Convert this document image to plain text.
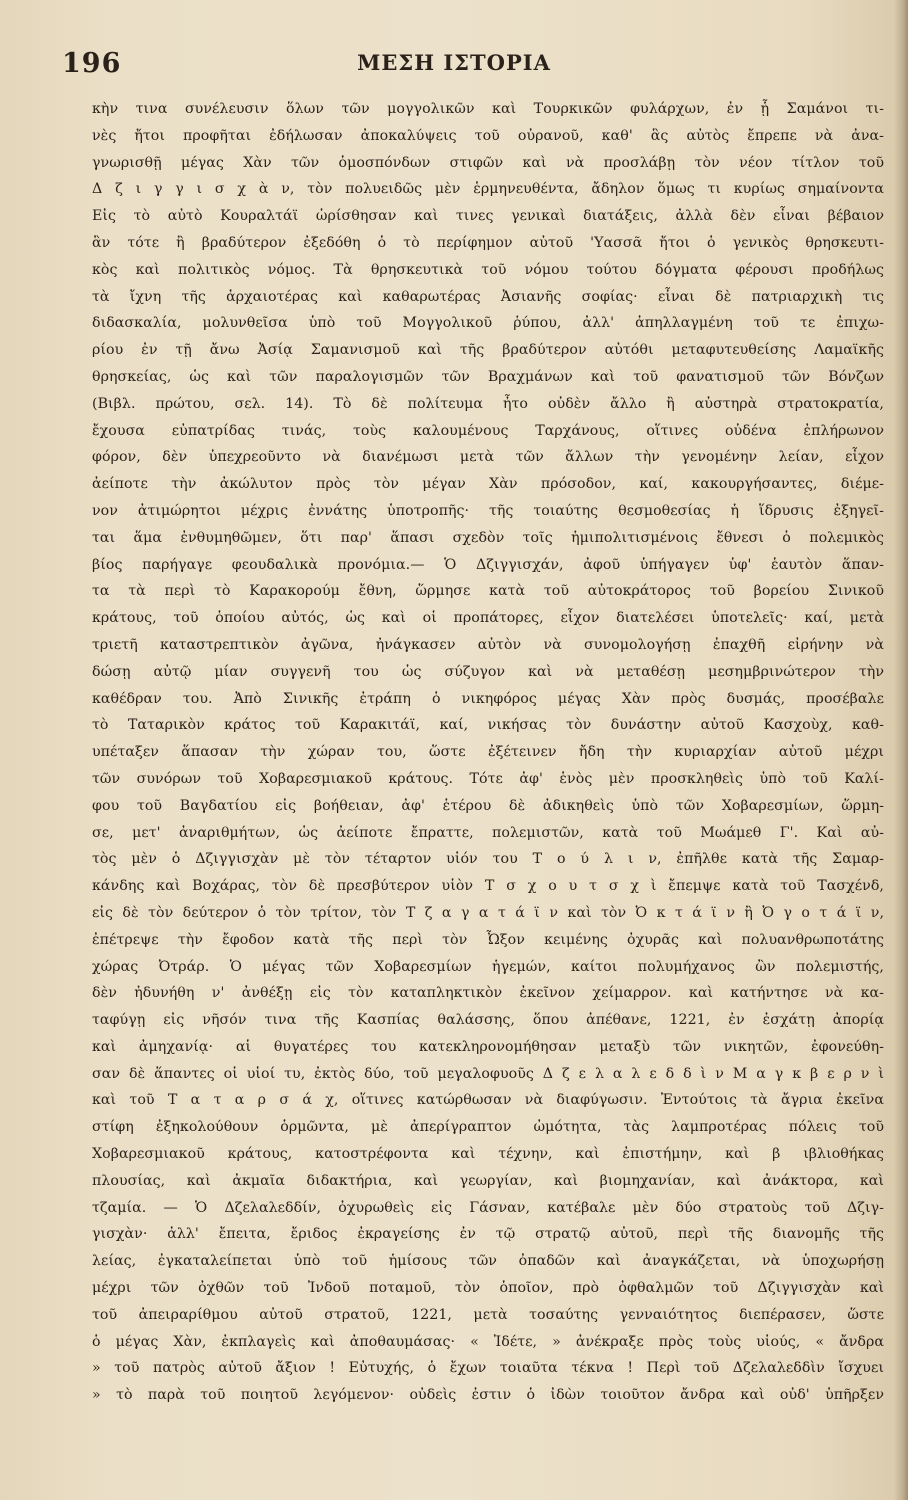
196	ΜΕΣΗ ΙΣΤΟΡΙΑ
κὴν τινα συνέλευσιν ὅλων τῶν μογγολικῶν καὶ Τουρκικῶν φυλάρχων, ἐν ᾗ Σαμάνοι τι-
νὲς ἤτοι προφῆται ἐδήλωσαν ἀποκαλύψεις τοῦ οὐρανοῦ, καθ' ἃς αὐτὸς ἔπρεπε νὰ ἀνα-
γνωρισθῇ μέγας Χὰν τῶν ὁμοσπόνδων στιφῶν καὶ νὰ προσλάβῃ τὸν νέον τίτλον τοῦ
Δ ζ ι γ γ ι σ χ ὰ ν, τὸν πολυειδῶς μὲν ἑρμηνευθέντα, ἄδηλον ὅμως τι κυρίως σημαίνοντα
Εἰς τὸ αὐτὸ Κουραλτάϊ ὡρίσθησαν καὶ τινες γενικαὶ διατάξεις, ἀλλὰ δὲν εἶναι βέβαιον
ἂν τότε ἢ βραδύτερον ἐξεδόθη ὁ τὸ περίφημον αὐτοῦ 'Υασσᾶ ἤτοι ὁ γενικὸς θρησκευτι-
κὸς καὶ πολιτικὸς νόμος. Τὰ θρησκευτικὰ τοῦ νόμου τούτου δόγματα φέρουσι προδήλως
τὰ ἴχνη τῆς ἀρχαιοτέρας καὶ καθαρωτέρας Ἀσιανῆς σοφίας· εἶναι δὲ πατριαρχικὴ τις
διδασκαλία, μολυνθεῖσα ὑπὸ τοῦ Μογγολικοῦ ῥύπου, ἀλλ' ἀπηλλαγμένη τοῦ τε ἐπιχω-
ρίου ἐν τῇ ἄνω Ἀσίᾳ Σαμανισμοῦ καὶ τῆς βραδύτερον αὐτόθι μεταφυτευθείσης Λαμαϊκῆς
θρησκείας, ὡς καὶ τῶν παραλογισμῶν τῶν Βραχμάνων καὶ τοῦ φανατισμοῦ τῶν Βόνζων
(Βιβλ. πρώτου, σελ. 14). Τὸ δὲ πολίτευμα ἦτο οὐδὲν ἄλλο ἢ αὐστηρὰ στρατοκρατία,
ἔχουσα εὐπατρίδας τινάς, τοὺς καλουμένους Ταρχάνους, οἵτινες οὐδένα ἐπλήρωνον
φόρον, δὲν ὑπεχρεοῦντο νὰ διανέμωσι μετὰ τῶν ἄλλων τὴν γενομένην λείαν, εἶχον
ἀείποτε τὴν ἀκώλυτον πρὸς τὸν μέγαν Χὰν πρόσοδον, καί, κακουργήσαντες, διέμε-
νον ἀτιμώρητοι μέχρις ἐννάτης ὑποτροπῆς· τῆς τοιαύτης θεσμοθεσίας ἡ ἵδρυσις ἐξηγεῖ-
ται ἅμα ἐνθυμηθῶμεν, ὅτι παρ' ἅπασι σχεδὸν τοῖς ἡμιπολιτισμένοις ἔθνεσι ὁ πολεμικὸς
βίος παρήγαγε φεουδαλικὰ προνόμια.— Ὁ Δζιγγισχάν, ἀφοῦ ὑπήγαγεν ὑφ' ἑαυτὸν ἅπαν-
τα τὰ περὶ τὸ Καρακορούμ ἔθνη, ὥρμησε κατὰ τοῦ αὐτοκράτορος τοῦ βορείου Σινικοῦ
κράτους, τοῦ ὁποίου αὐτός, ὡς καὶ οἱ προπάτορες, εἶχον διατελέσει ὑποτελεῖς· καί, μετὰ
τριετῆ καταστρεπτικὸν ἀγῶνα, ἠνάγκασεν αὐτὸν νὰ συνομολογήσῃ ἐπαχθῆ εἰρήνην νὰ
δώσῃ αὐτῷ μίαν συγγενῆ του ὡς σύζυγον καὶ νὰ μεταθέσῃ μεσημβρινώτερον τὴν
καθέδραν του. Ἀπὸ Σινικῆς ἐτράπη ὁ νικηφόρος μέγας Χὰν πρὸς δυσμάς, προσέβαλε
τὸ Ταταρικὸν κράτος τοῦ Καρακιτάϊ, καί, νικήσας τὸν δυνάστην αὐτοῦ Κασχοὺχ, καθ-
υπέταξεν ἅπασαν τὴν χώραν του, ὥστε ἐξέτεινεν ἤδη τὴν κυριαρχίαν αὐτοῦ μέχρι
τῶν συνόρων τοῦ Χοβαρεσμιακοῦ κράτους. Τότε ἀφ' ἑνὸς μὲν προσκληθεὶς ὑπὸ τοῦ Καλί-
φου τοῦ Βαγδατίου εἰς βοήθειαν, ἀφ' ἑτέρου δὲ ἀδικηθεὶς ὑπὸ τῶν Χοβαρεσμίων, ὥρμη-
σε, μετ' ἀναριθμήτων, ὡς ἀείποτε ἔπραττε, πολεμιστῶν, κατὰ τοῦ Μωάμεθ Γ'. Καὶ αὐ-
τὸς μὲν ὁ Δζιγγισχὰν μὲ τὸν τέταρτον υἱόν του Τ ο ύ λ ι ν, ἐπῆλθε κατὰ τῆς Σαμαρ-
κάνδης καὶ Βοχάρας, τὸν δὲ πρεσβύτερον υἱὸν Τ σ χ ο υ τ σ χ ὶ ἔπεμψε κατὰ τοῦ Τασχένδ,
εἰς δὲ τὸν δεύτερον ὁ τὸν τρίτον, τὸν Τ ζ α γ α τ ά ϊ ν καὶ τὸν Ὀ κ τ ά ϊ ν ἢ Ὀ γ ο τ ά ϊ ν,
ἐπέτρεψε τὴν ἔφοδον κατὰ τῆς περὶ τὸν Ὦξον κειμένης ὀχυρᾶς καὶ πολυανθρωποτάτης
χώρας Ὀτράρ. Ὁ μέγας τῶν Χοβαρεσμίων ἡγεμών, καίτοι πολυμήχανος ὢν πολεμιστής,
δὲν ἠδυνήθη ν' ἀνθέξῃ εἰς τὸν καταπληκτικὸν ἐκεῖνον χείμαρρον. καὶ κατήντησε νὰ κα-
ταφύγῃ εἰς νῆσόν τινα τῆς Κασπίας θαλάσσης, ὅπου ἀπέθανε, 1221, ἐν ἐσχάτῃ ἀπορίᾳ
καὶ ἀμηχανίᾳ· αἱ θυγατέρες του κατεκληρονομήθησαν μεταξὺ τῶν νικητῶν, ἐφονεύθη-
σαν δὲ ἅπαντες οἱ υἱοί τυ, ἐκτὸς δύο, τοῦ μεγαλοφυοῦς Δ ζ ε λ α λ ε δ δ ὶ ν Μ α γ κ β ε ρ ν ὶ
καὶ τοῦ Τ α τ α ρ σ ά χ, οἵτινες κατώρθωσαν νὰ διαφύγωσιν. Ἐντούτοις τὰ ἄγρια ἐκεῖνα
στίφη ἐξηκολούθουν ὁρμῶντα, μὲ ἀπερίγραπτον ὠμότητα, τὰς λαμπροτέρας πόλεις τοῦ
Χοβαρεσμιακοῦ κράτους, κατοστρέφοντα καὶ τέχνην, καὶ ἐπιστήμην, καὶ β ιβλιοθήκας
πλουσίας, καὶ ἀκμαῖα διδακτήρια, καὶ γεωργίαν, καὶ βιομηχανίαν, καὶ ἀνάκτορα, καὶ
τζαμία. — Ὁ Δζελαλεδδίν, ὀχυρωθεὶς εἰς Γάσναν, κατέβαλε μὲν δύο στρατοὺς τοῦ Δζιγ-
γισχὰν· ἀλλ' ἔπειτα, ἔριδος ἐκραγείσης ἐν τῷ στρατῷ αὐτοῦ, περὶ τῆς διανομῆς τῆς
λείας, ἐγκαταλείπεται ὑπὸ τοῦ ἡμίσους τῶν ὀπαδῶν καὶ ἀναγκάζεται, νὰ ὑποχωρήσῃ
μέχρι τῶν ὀχθῶν τοῦ Ἰνδοῦ ποταμοῦ, τὸν ὁποῖον, πρὸ ὀφθαλμῶν τοῦ Δζιγγισχὰν καὶ
τοῦ ἀπειραρίθμου αὐτοῦ στρατοῦ, 1221, μετὰ τοσαύτης γενναιότητος διεπέρασεν, ὥστε
ὁ μέγας Χὰν, ἐκπλαγεὶς καὶ ἀποθαυμάσας· « Ἰδέτε, » ἀνέκραξε πρὸς τοὺς υἱούς, « ἄνδρα
» τοῦ πατρὸς αὐτοῦ ἄξιον ! Εὐτυχής, ὁ ἔχων τοιαῦτα τέκνα ! Περὶ τοῦ Δζελαλεδδὶν ἴσχυει
» τὸ παρὰ τοῦ ποιητοῦ λεγόμενον· οὐδεὶς ἐστιν ὁ ἰδὼν τοιοῦτον ἄνδρα καὶ οὐδ' ὑπῆρξεν
